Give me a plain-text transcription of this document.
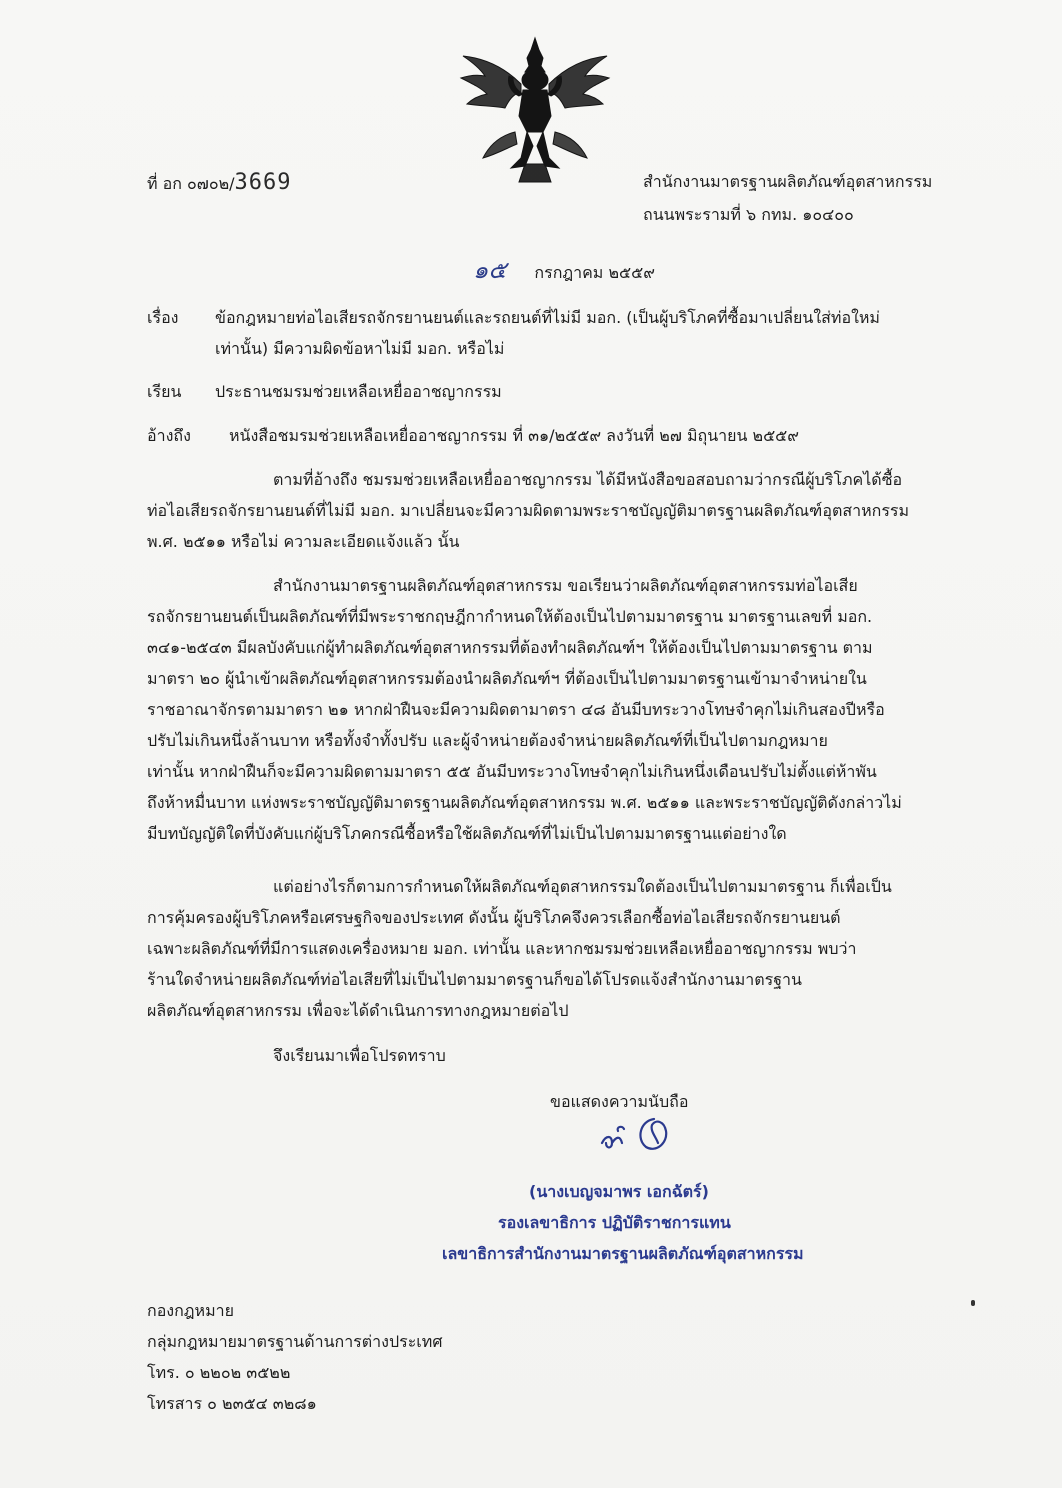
ที่ อก ๐๗๐๒/3669	สำนักงานมาตรฐานผลิตภัณฑ์อุตสาหกรรม
ถนนพระรามที่ ๖ กทม. ๑๐๔๐๐
๑๕ กรกฎาคม ๒๕๕๙
เรื่อง ข้อกฎหมายท่อไอเสียรถจักรยานยนต์และรถยนต์ที่ไม่มี มอก. (เป็นผู้บริโภคที่ซื้อมาเปลี่ยนใส่ท่อใหม่
เท่านั้น) มีความผิดข้อหาไม่มี มอก. หรือไม่
เรียน ประธานชมรมช่วยเหลือเหยื่ออาชญากรรม
อ้างถึง หนังสือชมรมช่วยเหลือเหยื่ออาชญากรรม ที่ ๓๑/๒๕๕๙ ลงวันที่ ๒๗ มิถุนายน ๒๕๕๙
ตามที่อ้างถึง ชมรมช่วยเหลือเหยื่ออาชญากรรม ได้มีหนังสือขอสอบถามว่ากรณีผู้บริโภคได้ซื้อ
ท่อไอเสียรถจักรยานยนต์ที่ไม่มี มอก. มาเปลี่ยนจะมีความผิดตามพระราชบัญญัติมาตรฐานผลิตภัณฑ์อุตสาหกรรม
พ.ศ. ๒๕๑๑ หรือไม่ ความละเอียดแจ้งแล้ว นั้น
สำนักงานมาตรฐานผลิตภัณฑ์อุตสาหกรรม ขอเรียนว่าผลิตภัณฑ์อุตสาหกรรมท่อไอเสีย
รถจักรยานยนต์เป็นผลิตภัณฑ์ที่มีพระราชกฤษฎีกากำหนดให้ต้องเป็นไปตามมาตรฐาน มาตรฐานเลขที่ มอก.
๓๔๑-๒๕๔๓ มีผลบังคับแก่ผู้ทำผลิตภัณฑ์อุตสาหกรรมที่ต้องทำผลิตภัณฑ์ฯ ให้ต้องเป็นไปตามมาตรฐาน ตาม
มาตรา ๒๐ ผู้นำเข้าผลิตภัณฑ์อุตสาหกรรมต้องนำผลิตภัณฑ์ฯ ที่ต้องเป็นไปตามมาตรฐานเข้ามาจำหน่ายใน
ราชอาณาจักรตามมาตรา ๒๑ หากฝ่าฝืนจะมีความผิดตามาตรา ๔๘ อันมีบทระวางโทษจำคุกไม่เกินสองปีหรือ
ปรับไม่เกินหนึ่งล้านบาท หรือทั้งจำทั้งปรับ และผู้จำหน่ายต้องจำหน่ายผลิตภัณฑ์ที่เป็นไปตามกฎหมาย
เท่านั้น หากฝ่าฝืนก็จะมีความผิดตามมาตรา ๕๕ อันมีบทระวางโทษจำคุกไม่เกินหนึ่งเดือนปรับไม่ตั้งแต่ห้าพัน
ถึงห้าหมื่นบาท แห่งพระราชบัญญัติมาตรฐานผลิตภัณฑ์อุตสาหกรรม พ.ศ. ๒๕๑๑ และพระราชบัญญัติดังกล่าวไม่
มีบทบัญญัติใดที่บังคับแก่ผู้บริโภคกรณีซื้อหรือใช้ผลิตภัณฑ์ที่ไม่เป็นไปตามมาตรฐานแต่อย่างใด
แต่อย่างไรก็ตามการกำหนดให้ผลิตภัณฑ์อุตสาหกรรมใดต้องเป็นไปตามมาตรฐาน ก็เพื่อเป็น
การคุ้มครองผู้บริโภคหรือเศรษฐกิจของประเทศ ดังนั้น ผู้บริโภคจึงควรเลือกซื้อท่อไอเสียรถจักรยานยนต์
เฉพาะผลิตภัณฑ์ที่มีการแสดงเครื่องหมาย มอก. เท่านั้น และหากชมรมช่วยเหลือเหยื่ออาชญากรรม พบว่า
ร้านใดจำหน่ายผลิตภัณฑ์ท่อไอเสียที่ไม่เป็นไปตามมาตรฐานก็ขอได้โปรดแจ้งสำนักงานมาตรฐาน
ผลิตภัณฑ์อุตสาหกรรม เพื่อจะได้ดำเนินการทางกฎหมายต่อไป
จึงเรียนมาเพื่อโปรดทราบ
ขอแสดงความนับถือ
(นางเบญจมาพร เอกฉัตร์)
รองเลขาธิการ ปฏิบัติราชการแทน
เลขาธิการสำนักงานมาตรฐานผลิตภัณฑ์อุตสาหกรรม
กองกฎหมาย
กลุ่มกฎหมายมาตรฐานด้านการต่างประเทศ
โทร. ๐ ๒๒๐๒ ๓๕๒๒
โทรสาร ๐ ๒๓๕๔ ๓๒๘๑
